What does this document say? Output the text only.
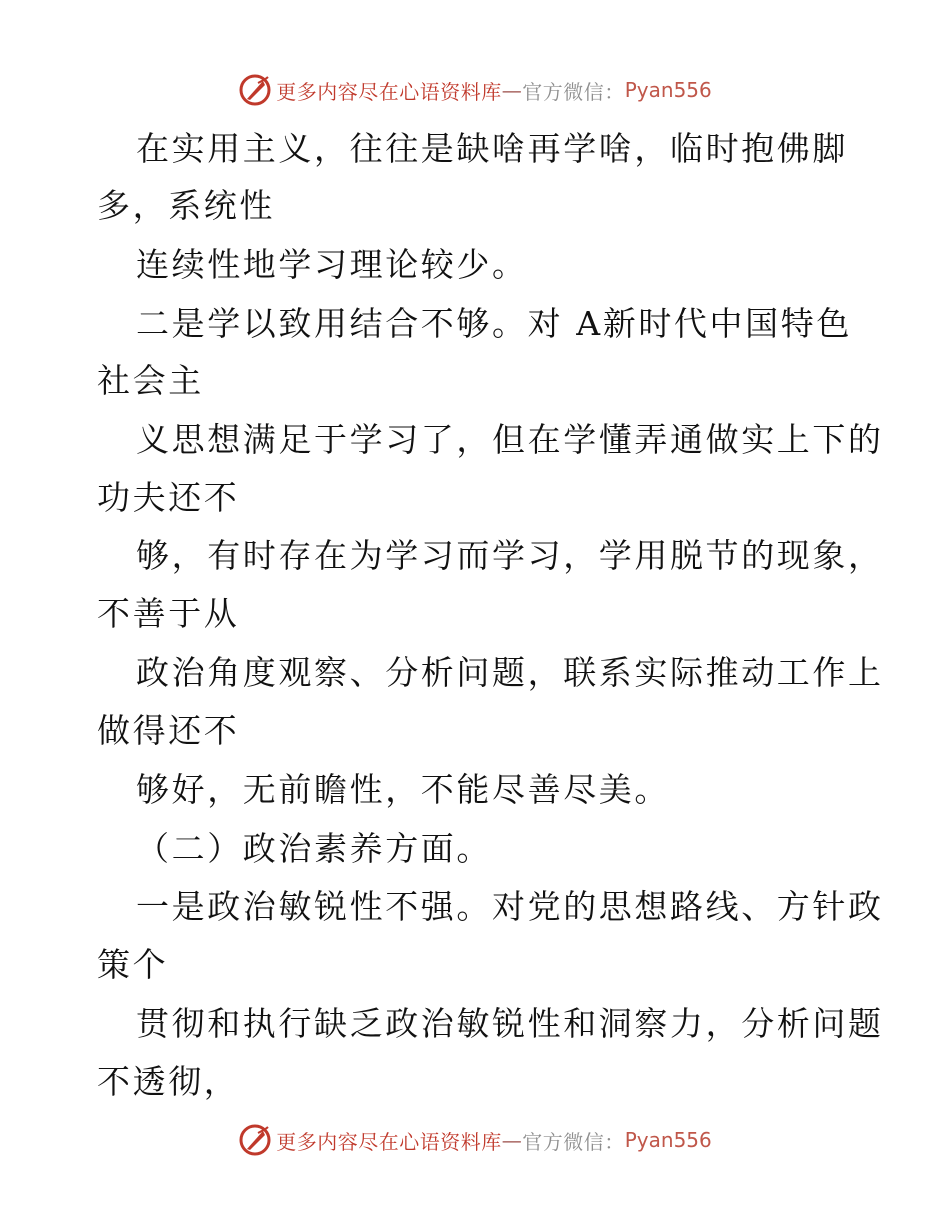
更多内容尽在心语资料库 — 官方微信： Pyan556
在实用主义，往往是缺啥再学啥，临时抱佛脚
多，系统性
连续性地学习理论较少。
二是学以致用结合不够。对 A新时代中国特色
社会主
义思想满足于学习了，但在学懂弄通做实上下的
功夫还不
够，有时存在为学习而学习，学用脱节的现象，
不善于从
政治角度观察、分析问题，联系实际推动工作上
做得还不
够好，无前瞻性，不能尽善尽美。
（二）政治素养方面。
一是政治敏锐性不强。对党的思想路线、方针政
策个
贯彻和执行缺乏政治敏锐性和洞察力，分析问题
不透彻，
更多内容尽在心语资料库 — 官方微信： Pyan556
